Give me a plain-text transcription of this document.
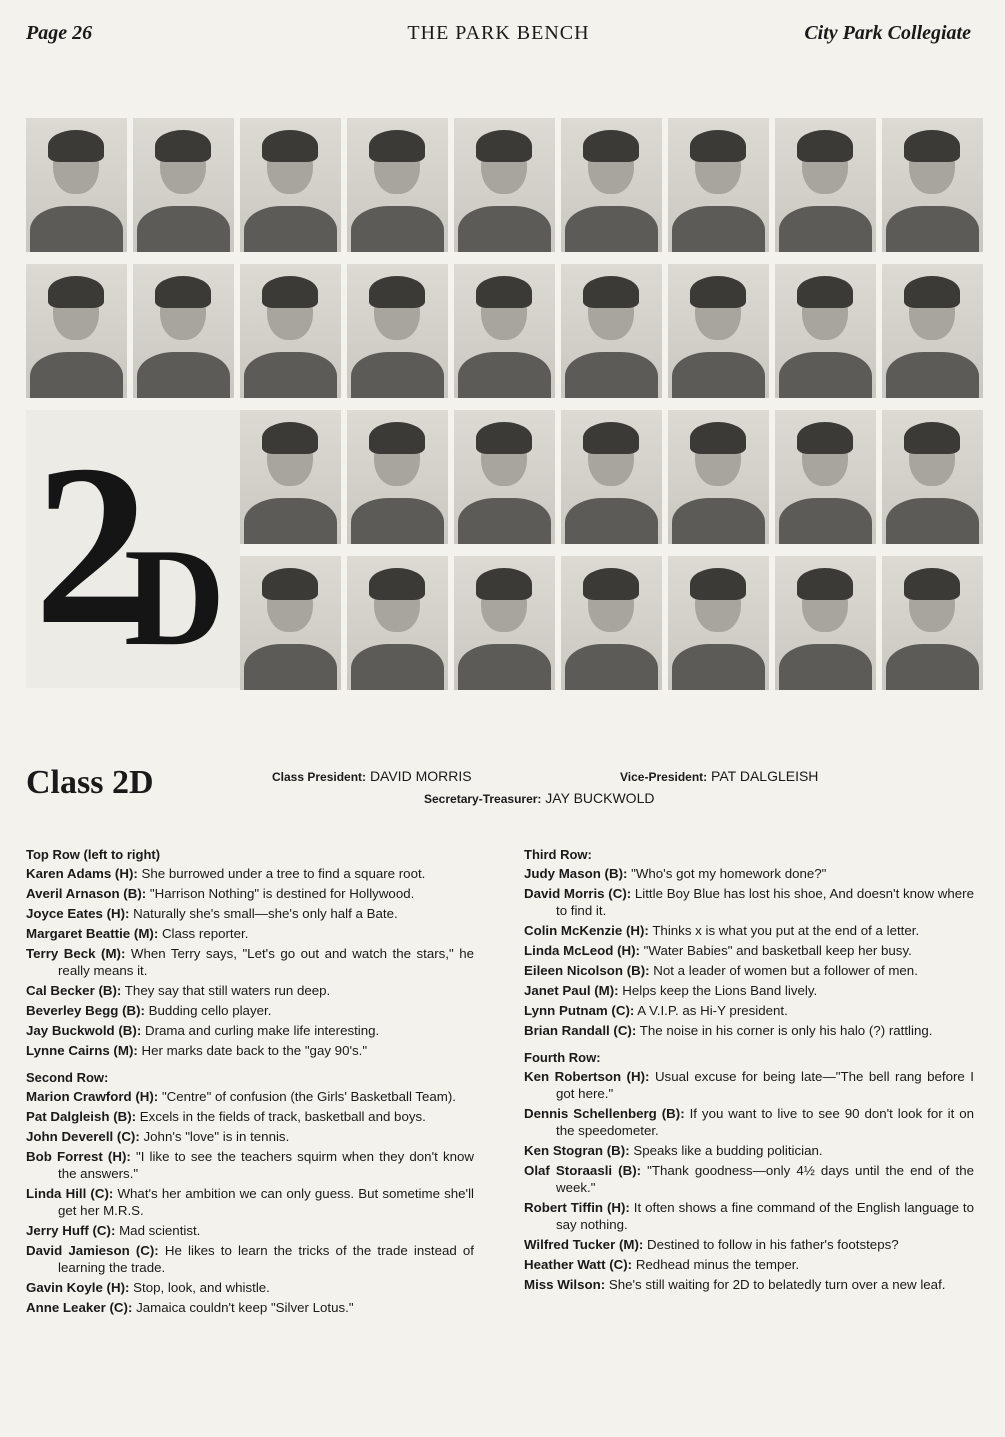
Page 26	THE PARK BENCH	City Park Collegiate
2
D
Class 2D	Class President: DAVID MORRIS	Vice-President: PAT DALGLEISH
Secretary-Treasurer: JAY BUCKWOLD
Top Row (left to right)
Karen Adams (H): She burrowed under a tree to find a square root.
Averil Arnason (B): "Harrison Nothing" is destined for Hollywood.
Joyce Eates (H): Naturally she's small—she's only half a Bate.
Margaret Beattie (M): Class reporter.
Terry Beck (M): When Terry says, "Let's go out and watch the stars," he really means it.
Cal Becker (B): They say that still waters run deep.
Beverley Begg (B): Budding cello player.
Jay Buckwold (B): Drama and curling make life interesting.
Lynne Cairns (M): Her marks date back to the "gay 90's."
Second Row:
Marion Crawford (H): "Centre" of confusion (the Girls' Basketball Team).
Pat Dalgleish (B): Excels in the fields of track, basketball and boys.
John Deverell (C): John's "love" is in tennis.
Bob Forrest (H): "I like to see the teachers squirm when they don't know the answers."
Linda Hill (C): What's her ambition we can only guess. But sometime she'll get her M.R.S.
Jerry Huff (C): Mad scientist.
David Jamieson (C): He likes to learn the tricks of the trade instead of learning the trade.
Gavin Koyle (H): Stop, look, and whistle.
Anne Leaker (C): Jamaica couldn't keep "Silver Lotus."
Third Row:
Judy Mason (B): "Who's got my homework done?"
David Morris (C): Little Boy Blue has lost his shoe, And doesn't know where to find it.
Colin McKenzie (H): Thinks x is what you put at the end of a letter.
Linda McLeod (H): "Water Babies" and basketball keep her busy.
Eileen Nicolson (B): Not a leader of women but a follower of men.
Janet Paul (M): Helps keep the Lions Band lively.
Lynn Putnam (C): A V.I.P. as Hi-Y president.
Brian Randall (C): The noise in his corner is only his halo (?) rattling.
Fourth Row:
Ken Robertson (H): Usual excuse for being late—"The bell rang before I got here."
Dennis Schellenberg (B): If you want to live to see 90 don't look for it on the speedometer.
Ken Stogran (B): Speaks like a budding politician.
Olaf Storaasli (B): "Thank goodness—only 4½ days until the end of the week."
Robert Tiffin (H): It often shows a fine command of the English language to say nothing.
Wilfred Tucker (M): Destined to follow in his father's footsteps?
Heather Watt (C): Redhead minus the temper.
Miss Wilson: She's still waiting for 2D to belatedly turn over a new leaf.
